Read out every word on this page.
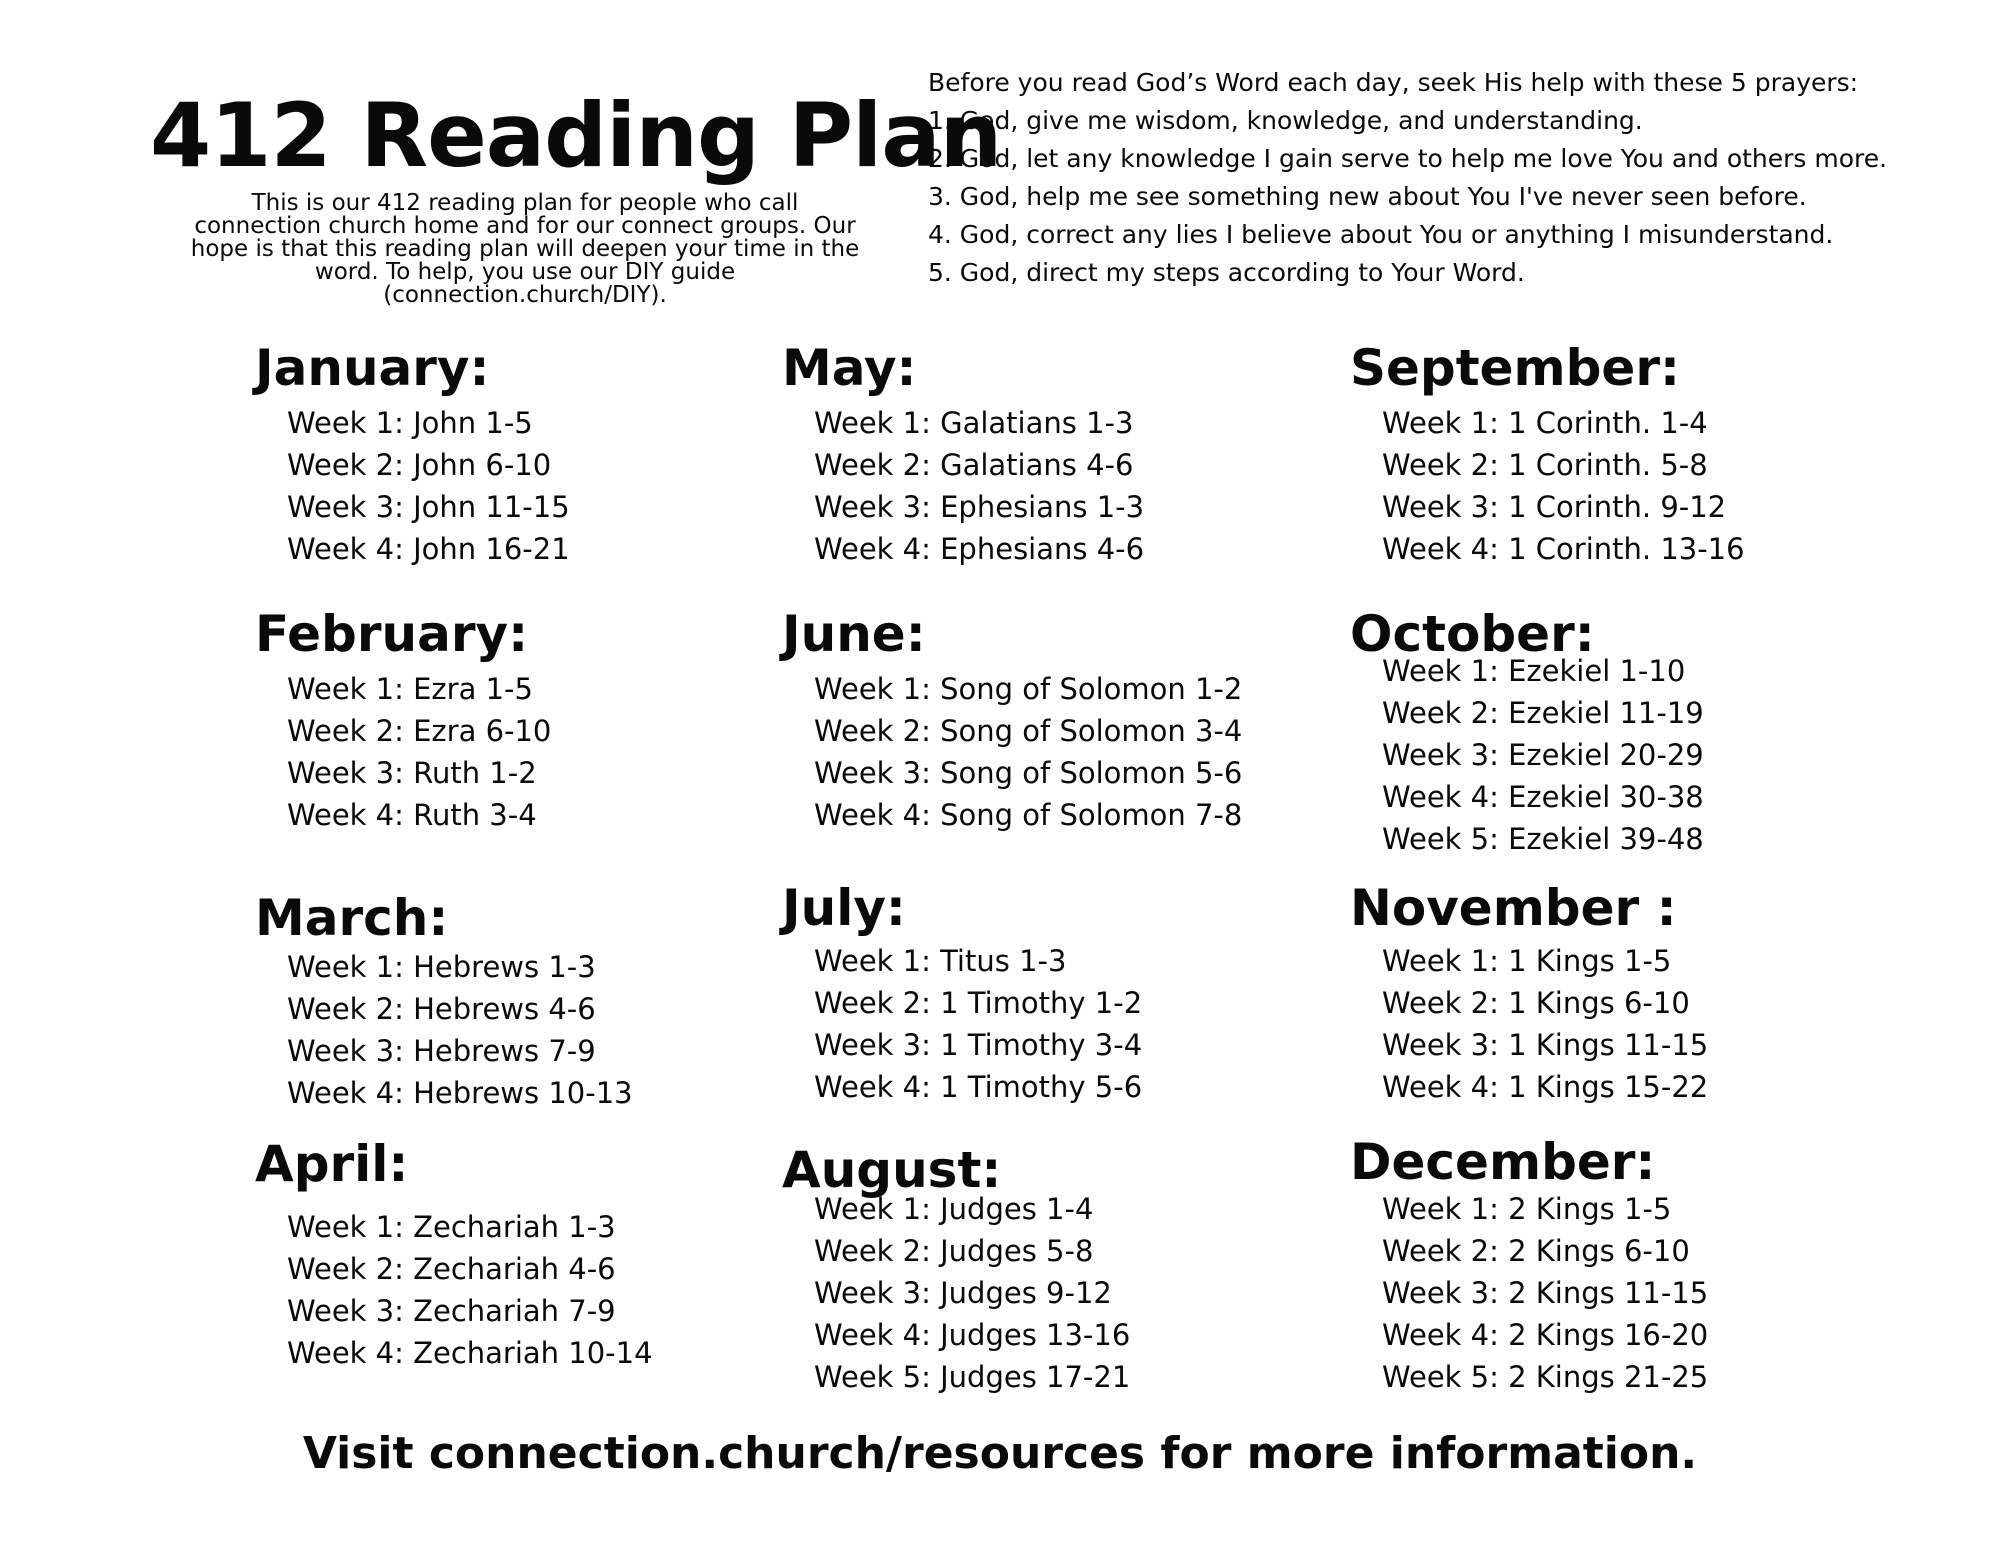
412 Reading Plan
This is our 412 reading plan for people who call
connection church home and for our connect groups. Our
hope is that this reading plan will deepen your time in the
word. To help, you use our DIY guide
(connection.church/DIY).
Before you read God’s Word each day, seek His help with these 5 prayers:
1. God, give me wisdom, knowledge, and understanding.
2. God, let any knowledge I gain serve to help me love You and others more.
3. God, help me see something new about You I've never seen before.
4. God, correct any lies I believe about You or anything I misunderstand.
5. God, direct my steps according to Your Word.
January:
Week 1: John 1-5
Week 2: John 6-10
Week 3: John 11-15
Week 4: John 16-21
February:
Week 1: Ezra 1-5
Week 2: Ezra 6-10
Week 3: Ruth 1-2
Week 4: Ruth 3-4
March:
Week 1: Hebrews 1-3
Week 2: Hebrews 4-6
Week 3: Hebrews 7-9
Week 4: Hebrews 10-13
April:
Week 1: Zechariah 1-3
Week 2: Zechariah 4-6
Week 3: Zechariah 7-9
Week 4: Zechariah 10-14
May:
Week 1: Galatians 1-3
Week 2: Galatians 4-6
Week 3: Ephesians 1-3
Week 4: Ephesians 4-6
June:
Week 1: Song of Solomon 1-2
Week 2: Song of Solomon 3-4
Week 3: Song of Solomon 5-6
Week 4: Song of Solomon 7-8
July:
Week 1: Titus 1-3
Week 2: 1 Timothy 1-2
Week 3: 1 Timothy 3-4
Week 4: 1 Timothy 5-6
August:
Week 1: Judges 1-4
Week 2: Judges 5-8
Week 3: Judges 9-12
Week 4: Judges 13-16
Week 5: Judges 17-21
September:
Week 1: 1 Corinth. 1-4
Week 2: 1 Corinth. 5-8
Week 3: 1 Corinth. 9-12
Week 4: 1 Corinth. 13-16
October:
Week 1: Ezekiel 1-10
Week 2: Ezekiel 11-19
Week 3: Ezekiel 20-29
Week 4: Ezekiel 30-38
Week 5: Ezekiel 39-48
November :
Week 1: 1 Kings 1-5
Week 2: 1 Kings 6-10
Week 3: 1 Kings 11-15
Week 4: 1 Kings 15-22
December:
Week 1: 2 Kings 1-5
Week 2: 2 Kings 6-10
Week 3: 2 Kings 11-15
Week 4: 2 Kings 16-20
Week 5: 2 Kings 21-25
Visit connection.church/resources for more information.
